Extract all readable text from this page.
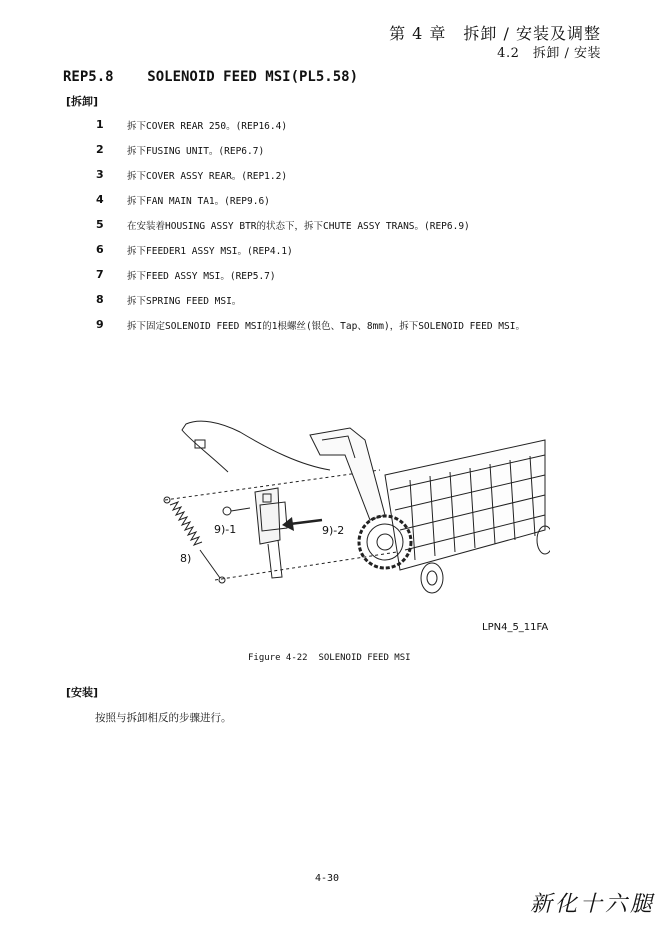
第 4 章　拆卸 / 安装及调整
4.2　拆卸 / 安装
REP5.8    SOLENOID FEED MSI(PL5.58)
[拆卸]
1 拆下COVER REAR 250。(REP16.4)
2 拆下FUSING UNIT。(REP6.7)
3 拆下COVER ASSY REAR。(REP1.2)
4 拆下FAN MAIN TA1。(REP9.6)
5 在安装着HOUSING ASSY BTR的状态下，拆下CHUTE ASSY TRANS。(REP6.9)
6 拆下FEEDER1 ASSY MSI。(REP4.1)
7 拆下FEED ASSY MSI。(REP5.7)
8 拆下SPRING FEED MSI。
9 拆下固定SOLENOID FEED MSI的1根螺丝(银色、Tap、8mm)，拆下SOLENOID FEED MSI。
9)-1	9)-2
8)
LPN4_5_11FA
Figure 4-22  SOLENOID FEED MSI
[安装]
按照与拆卸相反的步骤进行。
4-30
新化十六腿
